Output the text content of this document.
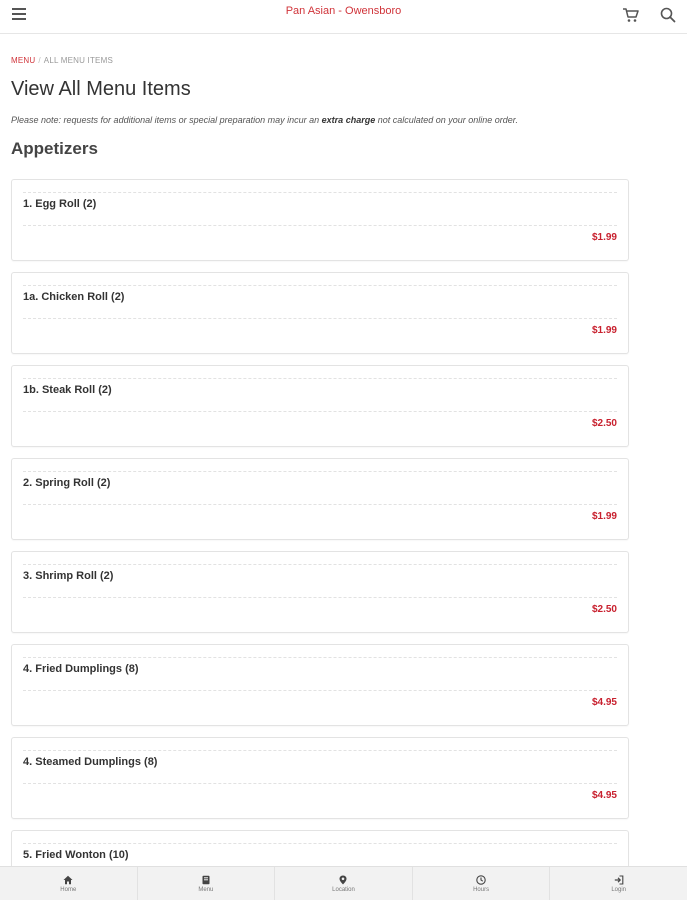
Pan Asian - Owensboro
MENU / ALL MENU ITEMS
View All Menu Items
Please note: requests for additional items or special preparation may incur an extra charge not calculated on your online order.
Appetizers
1. Egg Roll (2)
$1.99
1a. Chicken Roll (2)
$1.99
1b. Steak Roll (2)
$2.50
2. Spring Roll (2)
$1.99
3. Shrimp Roll (2)
$2.50
4. Fried Dumplings (8)
$4.95
4. Steamed Dumplings (8)
$4.95
5. Fried Wonton (10)
Home	Menu	Location	Hours	Login
